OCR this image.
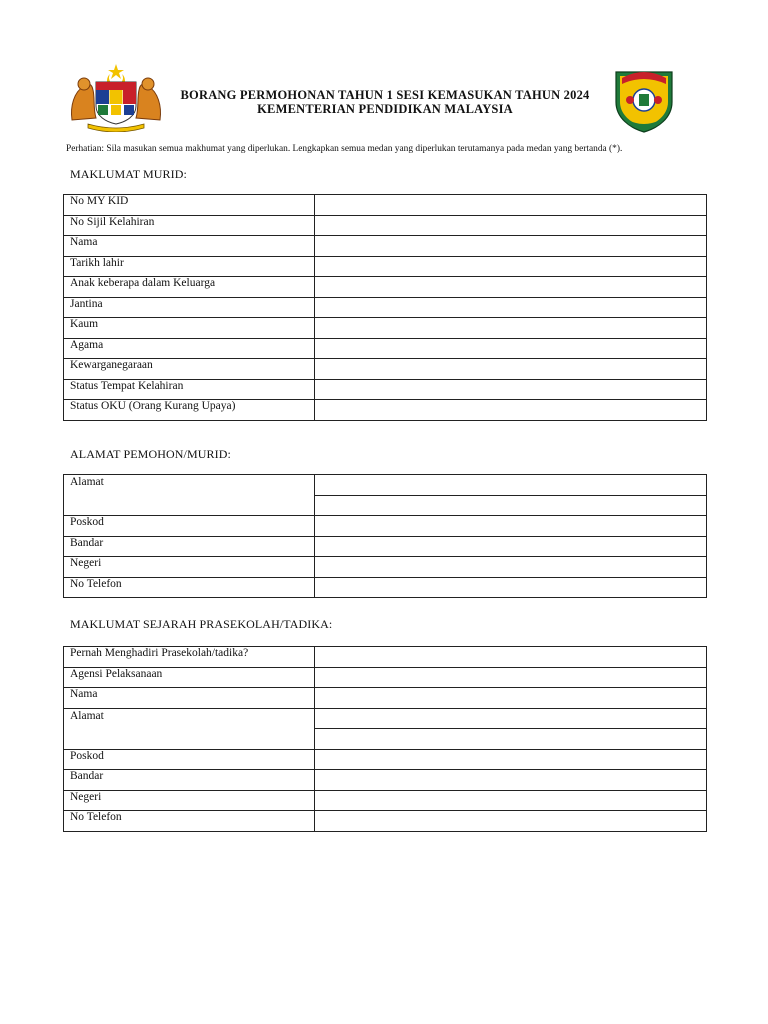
BORANG PERMOHONAN TAHUN 1 SESI KEMASUKAN TAHUN 2024
KEMENTERIAN PENDIDIKAN MALAYSIA
Perhatian: Sila masukan semua makhumat yang diperlukan. Lengkapkan semua medan yang diperlukan terutamanya pada medan yang bertanda (*).
MAKLUMAT MURID:
No MY KID	
No Sijil Kelahiran	
Nama	
Tarikh lahir	
Anak keberapa dalam Keluarga	
Jantina	
Kaum	
Agama	
Kewarganegaraan	
Status Tempat Kelahiran	
Status OKU (Orang Kurang Upaya)	
ALAMAT PEMOHON/MURID:
Alamat	

Poskod	
Bandar	
Negeri	
No Telefon	
MAKLUMAT SEJARAH PRASEKOLAH/TADIKA:
Pernah Menghadiri Prasekolah/tadika?	
Agensi Pelaksanaan	
Nama	
Alamat	

Poskod	
Bandar	
Negeri	
No Telefon	
